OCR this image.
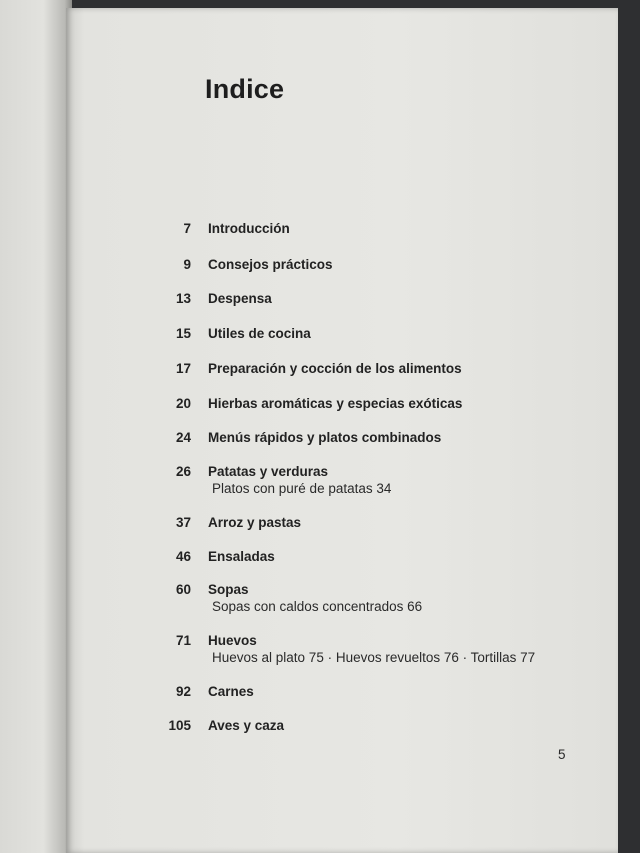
Indice
7 Introducción
9 Consejos prácticos
13 Despensa
15 Utiles de cocina
17 Preparación y cocción de los alimentos
20 Hierbas aromáticas y especias exóticas
24 Menús rápidos y platos combinados
26 Patatas y verduras
Platos con puré de patatas 34
37 Arroz y pastas
46 Ensaladas
60 Sopas
Sopas con caldos concentrados 66
71 Huevos
Huevos al plato 75 · Huevos revueltos 76 · Tortillas 77
92 Carnes
105 Aves y caza
5
